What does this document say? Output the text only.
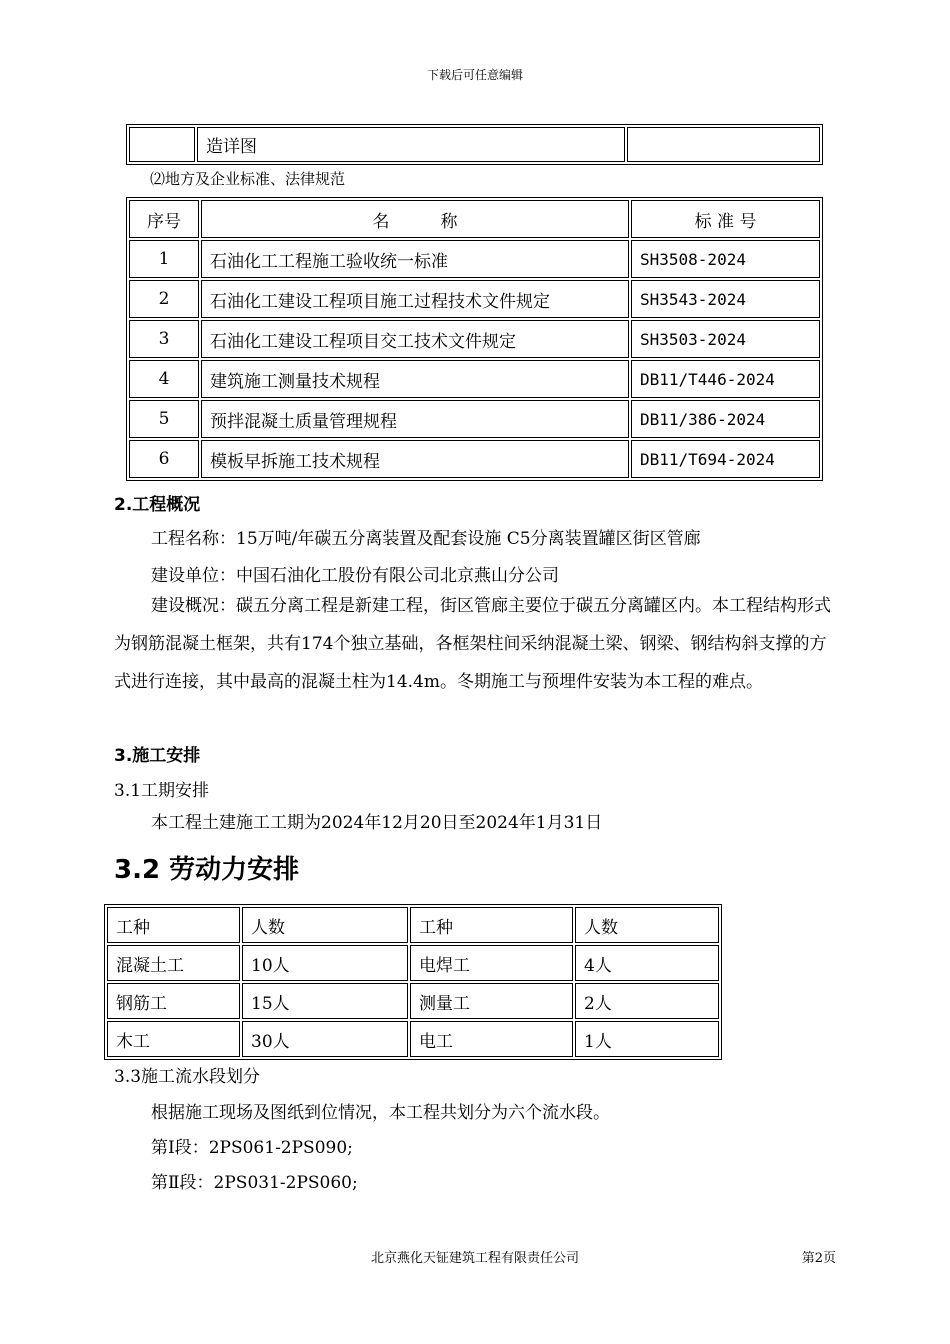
下载后可任意编辑
	造详图	
⑵地方及企业标准、法律规范
序号	名　　　称	标 准 号
1	石油化工工程施工验收统一标准	SH3508-2024
2	石油化工建设工程项目施工过程技术文件规定	SH3543-2024
3	石油化工建设工程项目交工技术文件规定	SH3503-2024
4	建筑施工测量技术规程	DB11/T446-2024
5	预拌混凝土质量管理规程	DB11/386-2024
6	模板早拆施工技术规程	DB11/T694-2024
2.工程概况
工程名称：15万吨/年碳五分离装置及配套设施 C5分离装置罐区街区管廊
建设单位：中国石油化工股份有限公司北京燕山分公司
建设概况：碳五分离工程是新建工程，街区管廊主要位于碳五分离罐区内。本工程结构形式为钢筋混凝土框架，共有174个独立基础，各框架柱间采纳混凝土梁、钢梁、钢结构斜支撑的方式进行连接，其中最高的混凝土柱为14.4m。冬期施工与预埋件安装为本工程的难点。
3.施工安排
3.1工期安排
本工程土建施工工期为2024年12月20日至2024年1月31日
3.2 劳动力安排
工种	人数	工种	人数
混凝土工	10人	电焊工	4人
钢筋工	15人	测量工	2人
木工	30人	电工	1人
3.3施工流水段划分
根据施工现场及图纸到位情况，本工程共划分为六个流水段。
第Ⅰ段：2PS061-2PS090;
第Ⅱ段：2PS031-2PS060;
北京燕化天钲建筑工程有限责任公司	第2页
